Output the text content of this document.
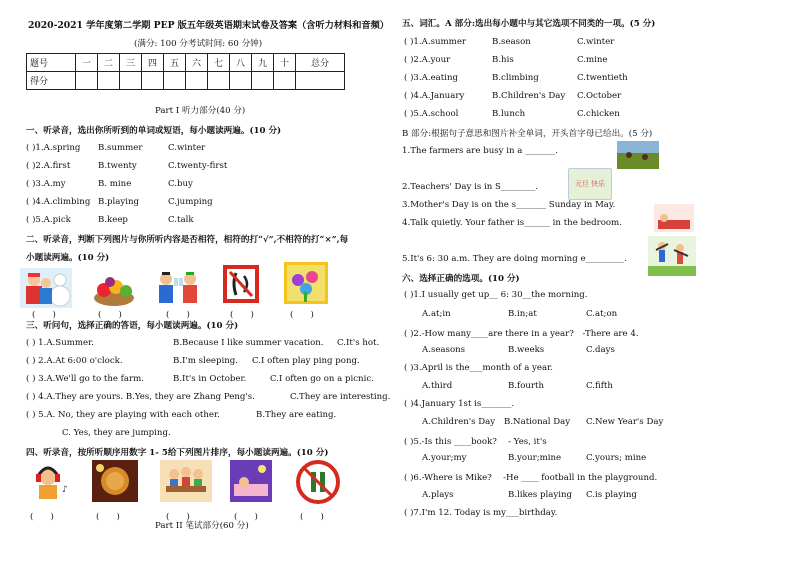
2020-2021 学年度第二学期 PEP 版五年级英语期末试卷及答案（含听力材料和音频）
(满分: 100 分考试时间: 60 分钟)
题号	一	二	三	四	五	六	七	八	九	十	总分
得分											
Part I 听力部分(40 分)
一、听录音，选出你所听到的单词或短语，每小题读两遍。(10 分)
( )1.A.spring B.summer	C.winter
( )2.A.first	B.twenty	C.twenty-first
( )3.A.my	B. mine	C.buy
( )4.A.climbing B.playing	C.jumping
( )5.A.pick	B.keep	C.talk
二、听录音，判断下列图片与你所听内容是否相符，相符的打“√”,不相符的打“×”,每
小题读两遍。(10 分)
(　　)	(　　)	(　　)	(　　)	(　　)
三、听问句，选择正确的答语，每小题读两遍。(10 分)
( ) 1.A.Summer.	B.Because I like summer vacation. C.It's hot.
( ) 2.A.At 6:00 o'clock.	B.I'm sleeping. C.I often play ping pong.
( ) 3.A.We'll go to the farm.	B.It's in October.	C.I often go on a picnic.
( ) 4.A.They are yours. B.Yes, they are Zhang Peng's.	C.They are interesting.
( ) 5.A. No, they are playing with each other.	B.They are eating.
C. Yes, they are jumping.
四、听录音，按所听顺序用数字 1- 5给下列图片排序，每小题读两遍。(10 分)
♪
(　　)	(　　)	(　　)	(　　)	(　　)
Part II 笔试部分(60 分)
五、词汇。A 部分:选出每小题中与其它选项不同类的一项。(5 分)
( )1.A.summer	B.season	C.winter
( )2.A.your	B.his	C.mine
( )3.A.eating	B.climbing	C.twentieth
( )4.A.January	B.Children's Day C.October
( )5.A.school	B.lunch	C.chicken
B 部分:根据句子意思和图片补全单词，开头首字母已给出。(5 分)
1.The farmers are busy in a _______.
2.Teachers' Day is in S________.	元旦 快乐
3.Mother's Day is on the s_______ Sunday in May.
4.Talk quietly. Your father is______ in the bedroom.
5.It's 6: 30 a.m. They are doing morning e_________.
六、选择正确的选项。(10 分)
( )1.I usually get up__ 6: 30__the morning.
A.at;in	B.in;at	C.at;on
( )2.-How many____are there in a year?　-There are 4.
A.seasons	B.weeks	C.days
( )3.April is the___month of a year.
A.third	B.fourth	C.fifth
( )4.January 1st is_______.
A.Children's Day B.National Day C.New Year's Day
( )5.-Is this ____book?　 - Yes, it's
A.your;my	B.your;mine	C.yours; mine
( )6.-Where is Mike?　 -He ____ football in the playground.
A.plays	B.likes playing C.is playing
( )7.I'm 12. Today is my___birthday.
